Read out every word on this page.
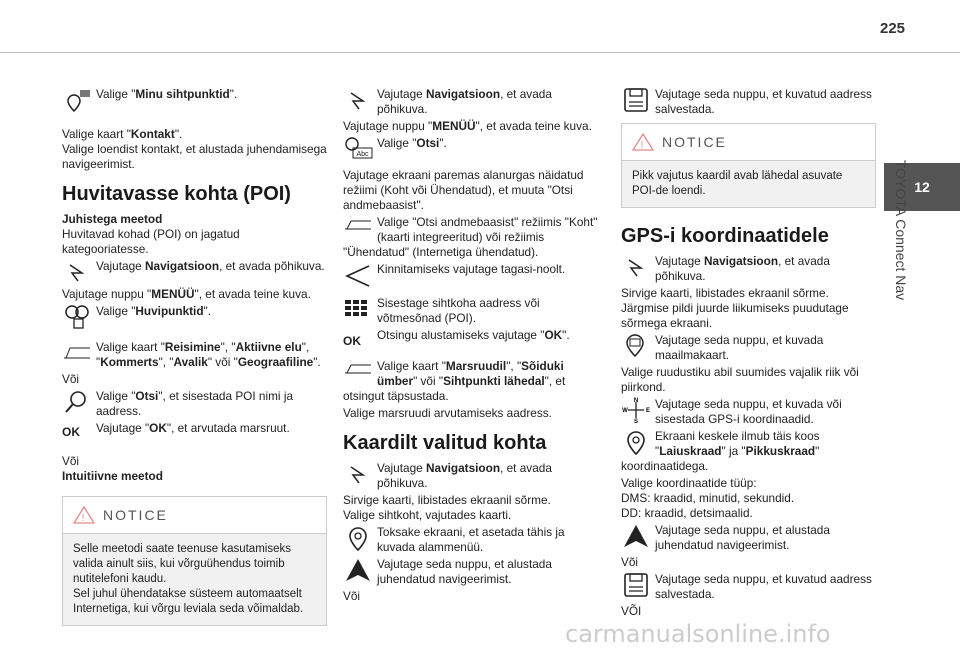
225
12
TOYOTA Connect Nav

Valige "Minu sihtpunktid".

Valige kaart "Kontakt".

Valige loendist kontakt, et alustada juhendamisega navigeerimist.

Huvitavasse kohta (POI)

Juhistega meetod

Huvitavad kohad (POI) on jagatud kategooriatesse.

Vajutage Navigatsioon, et avada põhikuva.

Vajutage nuppu "MENÜÜ", et avada teine kuva.

Valige "Huvipunktid".

Valige kaart "Reisimine", "Aktiivne elu", "Kommerts", "Avalik" või "Geograafiline".

Või

Valige "Otsi", et sisestada POI nimi ja aadress.

OK	Vajutage "OK", et arvutada marsruut.

Või

Intuitiivne meetod

! NOTICE
Selle meetodi saate teenuse kasutamiseks valida ainult siis, kui võrguühendus toimib nutitelefoni kaudu.
Sel juhul ühendatakse süsteem automaatselt Internetiga, kui võrgu leviala seda võimaldab.

Vajutage Navigatsioon, et avada põhikuva.

Vajutage nuppu "MENÜÜ", et avada teine kuva.

Abc

Valige "Otsi".

Vajutage ekraani paremas alanurgas näidatud režiimi (Koht või Ühendatud), et muuta "Otsi andmebaasist".

Valige "Otsi andmebaasist" režiimis "Koht" (kaarti integreeritud) või režiimis "Ühendatud" (Internetiga ühendatud).

Kinnitamiseks vajutage tagasi-noolt.

Sisestage sihtkoha aadress või võtmesõnad (POI).

OK	Otsingu alustamiseks vajutage "OK".

Valige kaart "Marsruudil", "Sõiduki ümber" või "Sihtpunkti lähedal", et otsingut täpsustada.

Valige marsruudi arvutamiseks aadress.

Kaardilt valitud kohta

Vajutage Navigatsioon, et avada põhikuva.

Sirvige kaarti, libistades ekraanil sõrme.

Valige sihtkoht, vajutades kaarti.

Toksake ekraani, et asetada tähis ja kuvada alammenüü.

Vajutage seda nuppu, et alustada juhendatud navigeerimist.

Või

Vajutage seda nuppu, et kuvatud aadress salvestada.

! NOTICE
Pikk vajutus kaardil avab lähedal asuvate POI-de loendi.
GPS-i koordinaatidele

Vajutage Navigatsioon, et avada põhikuva.

Sirvige kaarti, libistades ekraanil sõrme.

Järgmise pildi juurde liikumiseks puudutage sõrmega ekraani.

Vajutage seda nuppu, et kuvada maailmakaart.

Valige ruudustiku abil suumides vajalik riik või piirkond.

N
W	E
S

Vajutage seda nuppu, et kuvada või sisestada GPS-i koordinaadid.

Ekraani keskele ilmub täis koos "Laiuskraad" ja "Pikkuskraad" koordinaatidega.

Valige koordinaatide tüüp:

DMS: kraadid, minutid, sekundid.

DD: kraadid, detsimaalid.

Vajutage seda nuppu, et alustada juhendatud navigeerimist.

Või

Vajutage seda nuppu, et kuvatud aadress salvestada.

VÕI

carmanualsonline.info
